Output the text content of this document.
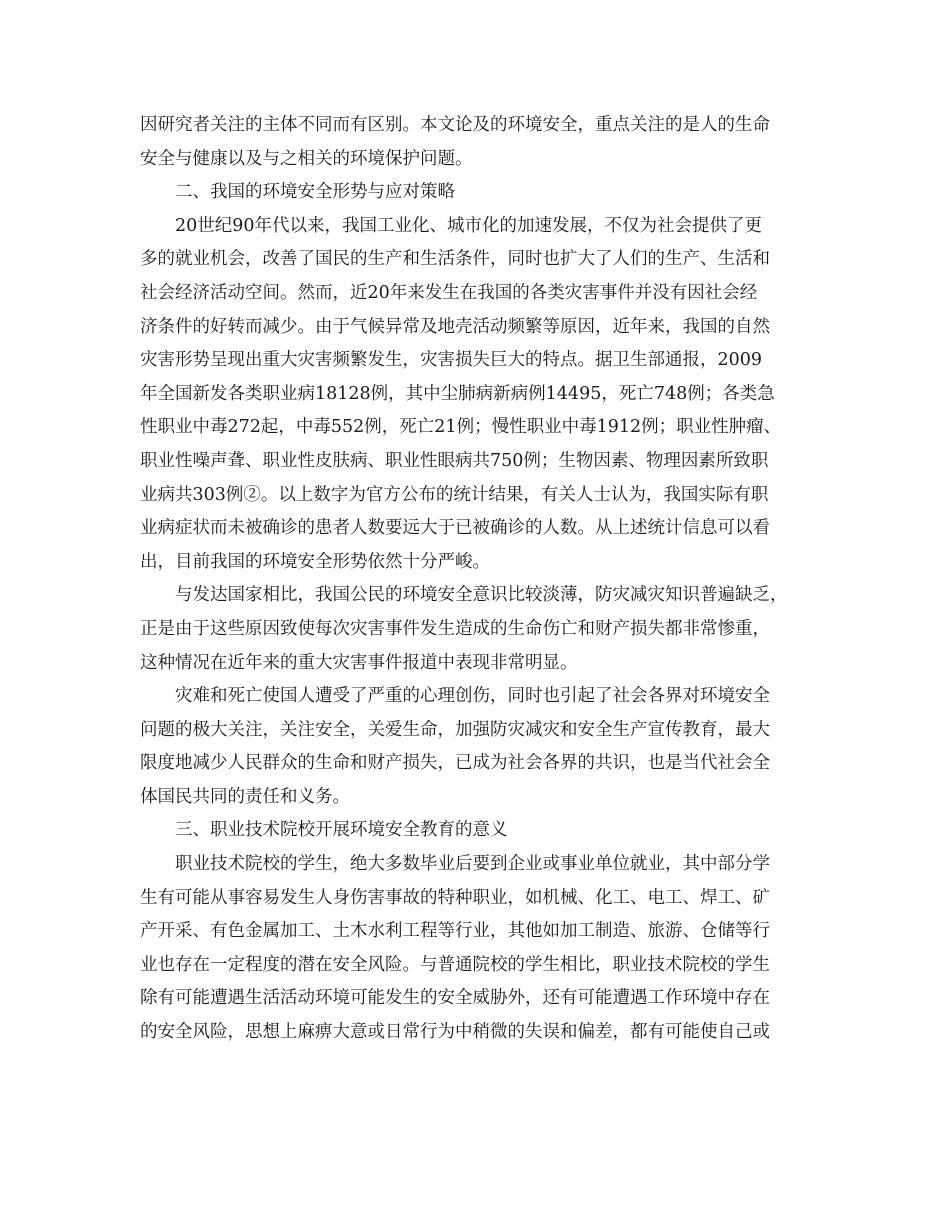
因研究者关注的主体不同而有区别。本文论及的环境安全，重点关注的是人的生命
安全与健康以及与之相关的环境保护问题。
二、我国的环境安全形势与应对策略
20世纪90年代以来，我国工业化、城市化的加速发展，不仅为社会提供了更
多的就业机会，改善了国民的生产和生活条件，同时也扩大了人们的生产、生活和
社会经济活动空间。然而，近20年来发生在我国的各类灾害事件并没有因社会经
济条件的好转而减少。由于气候异常及地壳活动频繁等原因，近年来，我国的自然
灾害形势呈现出重大灾害频繁发生，灾害损失巨大的特点。据卫生部通报，2009
年全国新发各类职业病18128例，其中尘肺病新病例14495，死亡748例；各类急
性职业中毒272起，中毒552例，死亡21例；慢性职业中毒1912例；职业性肿瘤、
职业性噪声聋、职业性皮肤病、职业性眼病共750例；生物因素、物理因素所致职
业病共303例②。以上数字为官方公布的统计结果，有关人士认为，我国实际有职
业病症状而未被确诊的患者人数要远大于已被确诊的人数。从上述统计信息可以看
出，目前我国的环境安全形势依然十分严峻。
与发达国家相比，我国公民的环境安全意识比较淡薄，防灾减灾知识普遍缺乏，
正是由于这些原因致使每次灾害事件发生造成的生命伤亡和财产损失都非常惨重，
这种情况在近年来的重大灾害事件报道中表现非常明显。
灾难和死亡使国人遭受了严重的心理创伤，同时也引起了社会各界对环境安全
问题的极大关注，关注安全，关爱生命，加强防灾减灾和安全生产宣传教育，最大
限度地减少人民群众的生命和财产损失，已成为社会各界的共识，也是当代社会全
体国民共同的责任和义务。
三、职业技术院校开展环境安全教育的意义
职业技术院校的学生，绝大多数毕业后要到企业或事业单位就业，其中部分学
生有可能从事容易发生人身伤害事故的特种职业，如机械、化工、电工、焊工、矿
产开采、有色金属加工、土木水利工程等行业，其他如加工制造、旅游、仓储等行
业也存在一定程度的潜在安全风险。与普通院校的学生相比，职业技术院校的学生
除有可能遭遇生活活动环境可能发生的安全威胁外，还有可能遭遇工作环境中存在
的安全风险，思想上麻痹大意或日常行为中稍微的失误和偏差，都有可能使自己或
